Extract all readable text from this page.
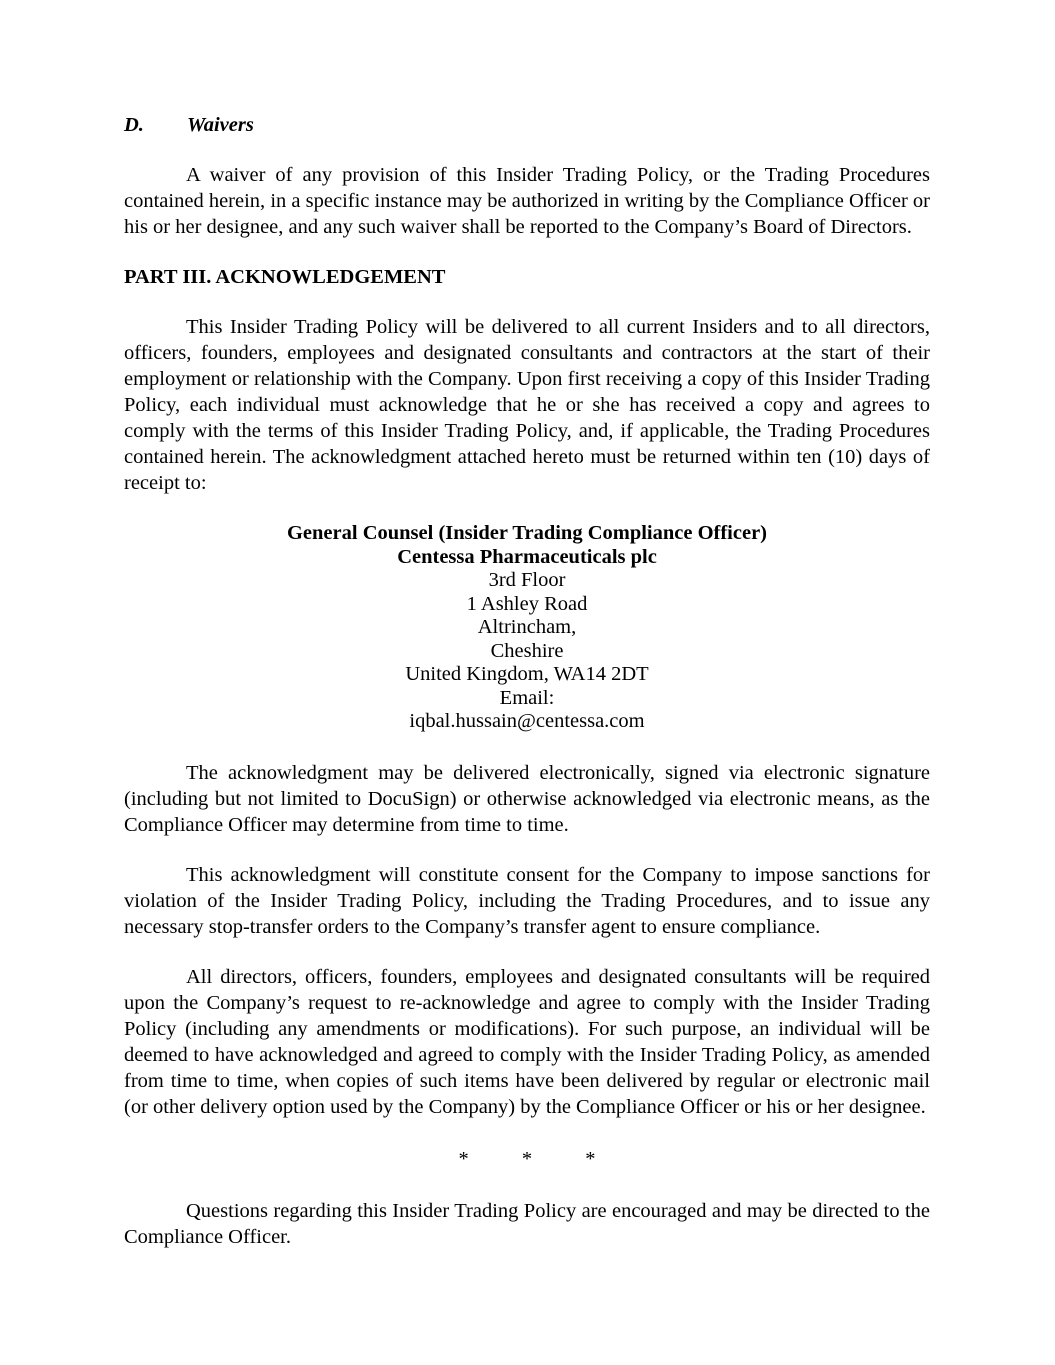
D. Waivers

A waiver of any provision of this Insider Trading Policy, or the Trading Procedures contained herein, in a specific instance may be authorized in writing by the Compliance Officer or his or her designee, and any such waiver shall be reported to the Company’s Board of Directors.

PART III. ACKNOWLEDGEMENT

This Insider Trading Policy will be delivered to all current Insiders and to all directors, officers, founders, employees and designated consultants and contractors at the start of their employment or relationship with the Company. Upon first receiving a copy of this Insider Trading Policy, each individual must acknowledge that he or she has received a copy and agrees to comply with the terms of this Insider Trading Policy, and, if applicable, the Trading Procedures contained herein. The acknowledgment attached hereto must be returned within ten (10) days of receipt to:

General Counsel (Insider Trading Compliance Officer)
Centessa Pharmaceuticals plc
3rd Floor
1 Ashley Road
Altrincham,
Cheshire
United Kingdom, WA14 2DT
Email:
iqbal.hussain@centessa.com

The acknowledgment may be delivered electronically, signed via electronic signature (including but not limited to DocuSign) or otherwise acknowledged via electronic means, as the Compliance Officer may determine from time to time.

This acknowledgment will constitute consent for the Company to impose sanctions for violation of the Insider Trading Policy, including the Trading Procedures, and to issue any necessary stop-transfer orders to the Company’s transfer agent to ensure compliance.

All directors, officers, founders, employees and designated consultants will be required upon the Company’s request to re-acknowledge and agree to comply with the Insider Trading Policy (including any amendments or modifications). For such purpose, an individual will be deemed to have acknowledged and agreed to comply with the Insider Trading Policy, as amended from time to time, when copies of such items have been delivered by regular or electronic mail (or other delivery option used by the Company) by the Compliance Officer or his or her designee.

* * *

Questions regarding this Insider Trading Policy are encouraged and may be directed to the Compliance Officer.
